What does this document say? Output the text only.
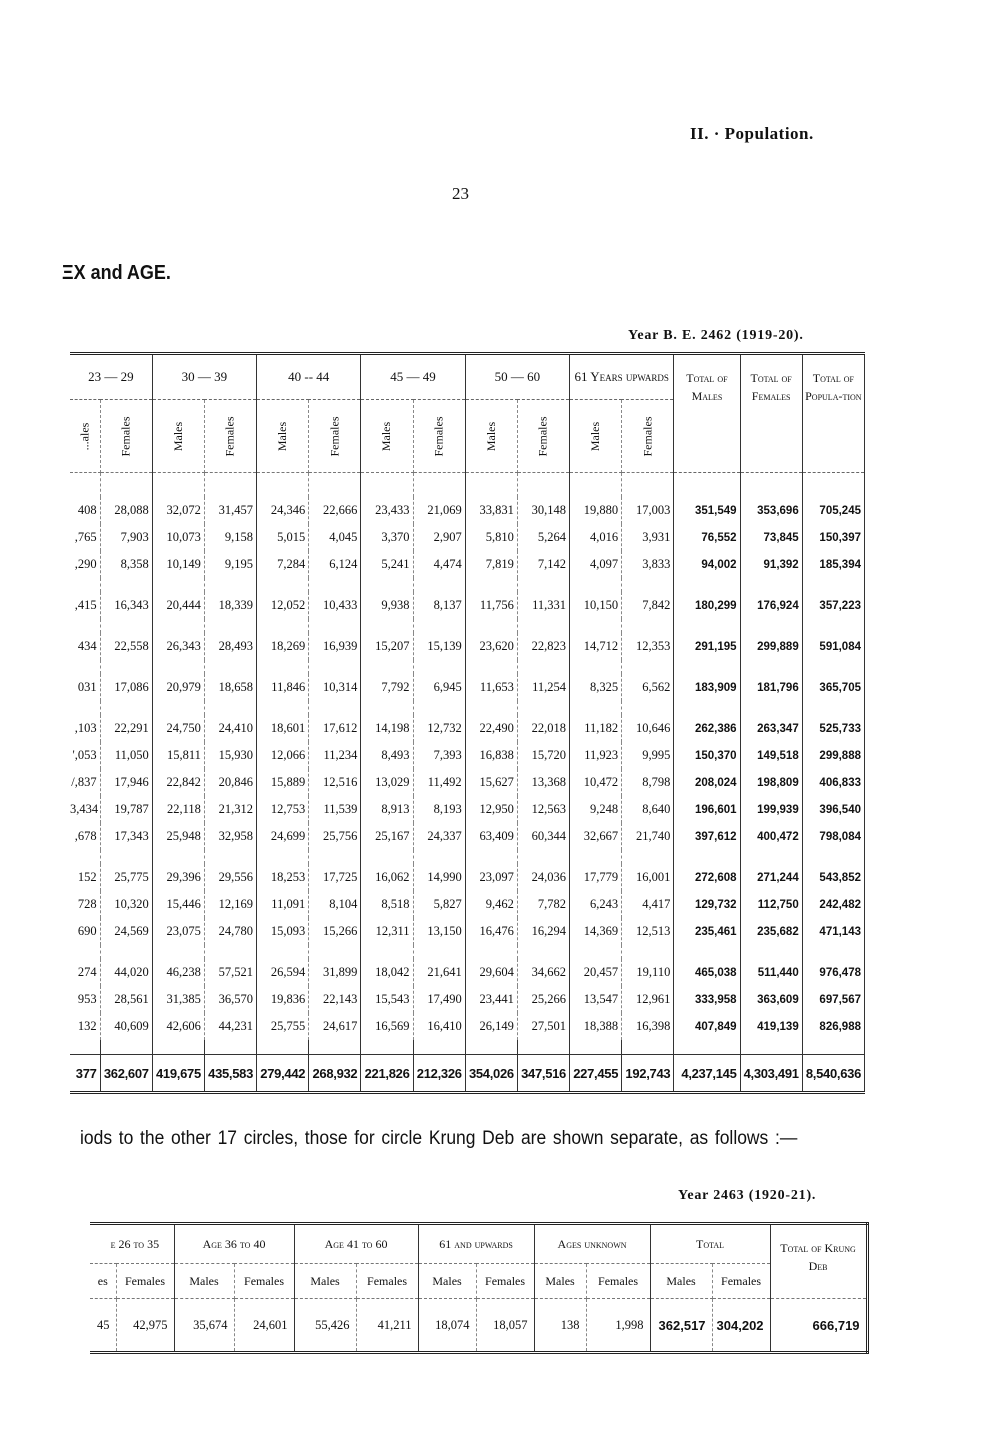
II. · Population.
23
ΞX and AGE.
Year B. E. 2462 (1919-20).
23 — 29		30 — 39		40 -- 44		45 — 49		50 — 60		61 Years upwards		Total of Males	Total of Females	Total of Popula-tion
...ales	Females	Males	Females	Males	Females	Males	Females	Males	Females	Males	Females			

408	28,088	32,072	31,457	24,346	22,666	23,433	21,069	33,831	30,148	19,880	17,003	351,549	353,696	705,245
,765	7,903	10,073	9,158	5,015	4,045	3,370	2,907	5,810	5,264	4,016	3,931	76,552	73,845	150,397
,290	8,358	10,149	9,195	7,284	6,124	5,241	4,474	7,819	7,142	4,097	3,833	94,002	91,392	185,394

,415	16,343	20,444	18,339	12,052	10,433	9,938	8,137	11,756	11,331	10,150	7,842	180,299	176,924	357,223

434	22,558	26,343	28,493	18,269	16,939	15,207	15,139	23,620	22,823	14,712	12,353	291,195	299,889	591,084

031	17,086	20,979	18,658	11,846	10,314	7,792	6,945	11,653	11,254	8,325	6,562	183,909	181,796	365,705

,103	22,291	24,750	24,410	18,601	17,612	14,198	12,732	22,490	22,018	11,182	10,646	262,386	263,347	525,733
',053	11,050	15,811	15,930	12,066	11,234	8,493	7,393	16,838	15,720	11,923	9,995	150,370	149,518	299,888
/,837	17,946	22,842	20,846	15,889	12,516	13,029	11,492	15,627	13,368	10,472	8,798	208,024	198,809	406,833
3,434	19,787	22,118	21,312	12,753	11,539	8,913	8,193	12,950	12,563	9,248	8,640	196,601	199,939	396,540
,678	17,343	25,948	32,958	24,699	25,756	25,167	24,337	63,409	60,344	32,667	21,740	397,612	400,472	798,084

152	25,775	29,396	29,556	18,253	17,725	16,062	14,990	23,097	24,036	17,779	16,001	272,608	271,244	543,852
728	10,320	15,446	12,169	11,091	8,104	8,518	5,827	9,462	7,782	6,243	4,417	129,732	112,750	242,482
690	24,569	23,075	24,780	15,093	15,266	12,311	13,150	16,476	16,294	14,369	12,513	235,461	235,682	471,143

274	44,020	46,238	57,521	26,594	31,899	18,042	21,641	29,604	34,662	20,457	19,110	465,038	511,440	976,478
953	28,561	31,385	36,570	19,836	22,143	15,543	17,490	23,441	25,266	13,547	12,961	333,958	363,609	697,567
132	40,609	42,606	44,231	25,755	24,617	16,569	16,410	26,149	27,501	18,388	16,398	407,849	419,139	826,988

377	362,607	419,675	435,583	279,442	268,932	221,826	212,326	354,026	347,516	227,455	192,743	4,237,145	4,303,491	8,540,636
iods to the other 17 circles, those for circle Krung Deb are shown separate, as follows :—
Year 2463 (1920-21).
ɜe 26 to 35		Age 36 to 40		Age 41 to 60		61 and upwards		Ages unknown		Total		Total of Krung Deb
es	Females	Males	Females	Males	Females	Males	Females	Males	Females	Males	Females	
45	42,975	35,674	24,601	55,426	41,211	18,074	18,057	138	1,998	362,517	304,202	666,719
